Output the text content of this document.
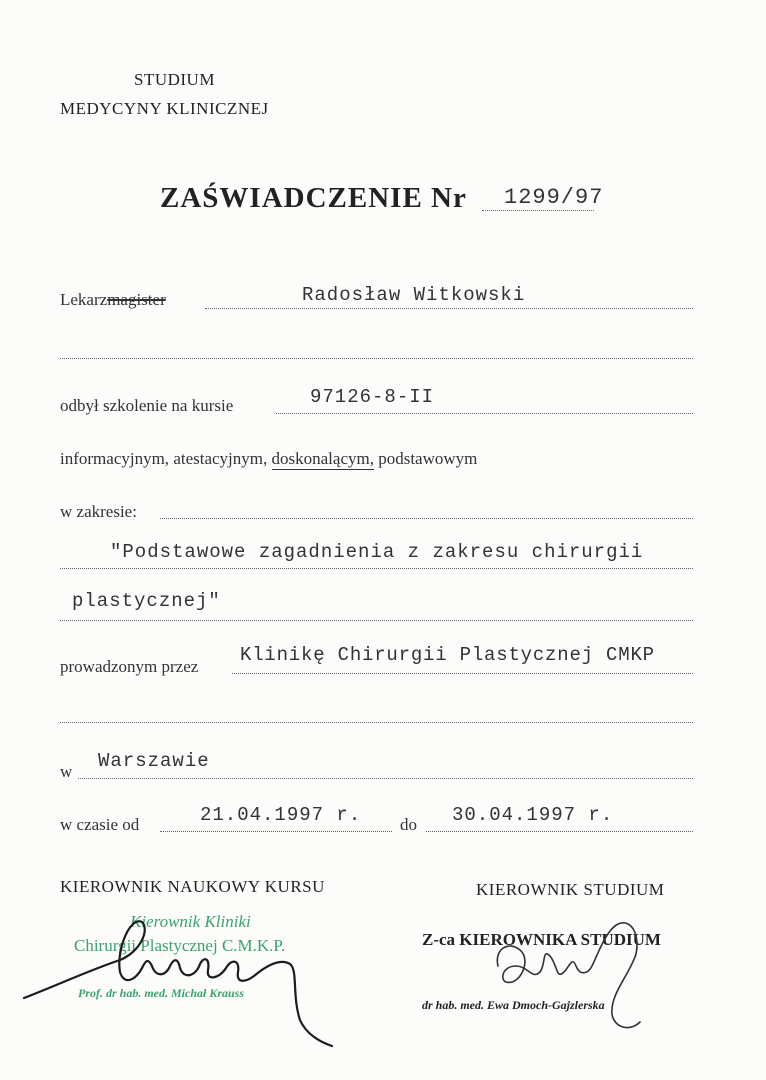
STUDIUM
MEDYCYNY KLINICZNEJ
ZAŚWIADCZENIE Nr 1299/97
Lekarzmagister	Radosław Witkowski
odbył szkolenie na kursie	97126-8-II
informacyjnym, atestacyjnym, doskonalącym, podstawowym
w zakresie:
"Podstawowe zagadnienia z zakresu chirurgii
plastycznej"
prowadzonym przez
Klinikę Chirurgii Plastycznej CMKP
w Warszawie
w czasie od	21.04.1997 r. do 30.04.1997 r.
KIEROWNIK NAUKOWY KURSU	KIEROWNIK STUDIUM
Kierownik Kliniki
Chirurgii Plastycznej C.M.K.P.
Prof. dr hab. med. Michał Krauss
Z-ca KIEROWNIKA STUDIUM
dr hab. med. Ewa Dmoch-Gajzlerska
